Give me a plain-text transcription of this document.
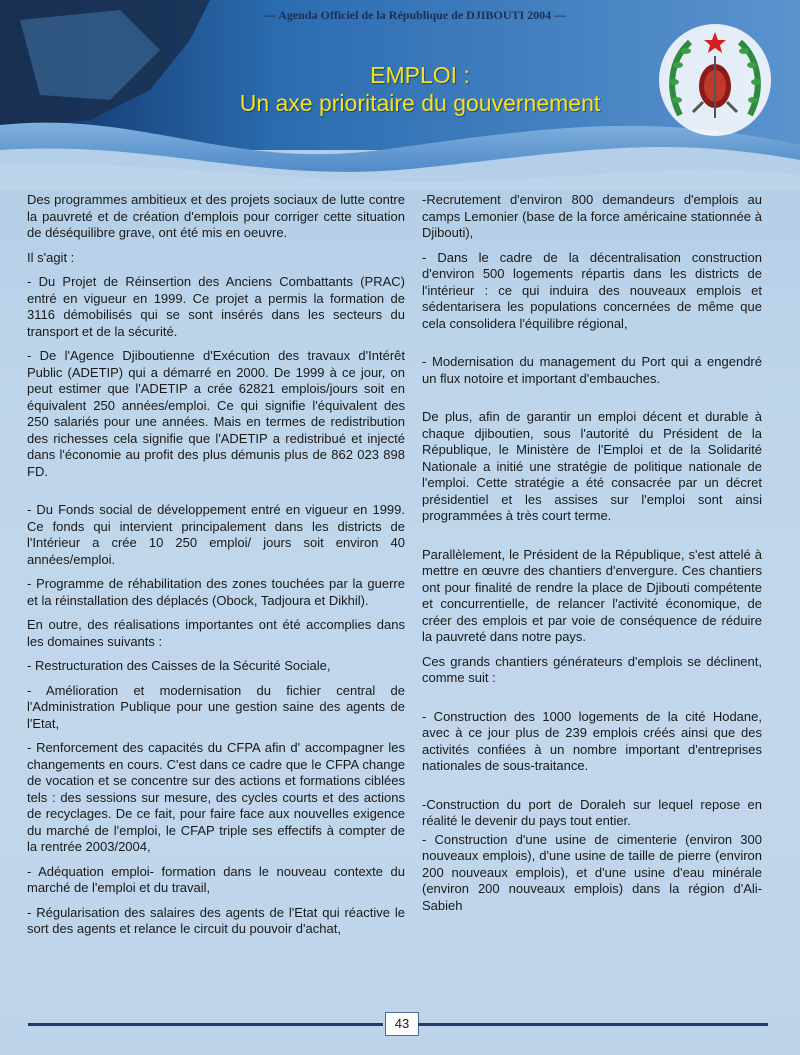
— Agenda Officiel de la République de DJIBOUTI 2004 —
EMPLOI :
Un axe prioritaire du gouvernement

Des programmes ambitieux et des projets sociaux de lutte contre la pauvreté et de création d'emplois pour corriger cette situation de déséquilibre grave, ont été mis en oeuvre.

Il s'agit :

- Du Projet de Réinsertion des Anciens Combattants (PRAC) entré en vigueur en 1999. Ce projet a permis la formation de 3116 démobilisés qui se sont insérés dans les secteurs du transport et de la sécurité.

- De l'Agence Djiboutienne d'Exécution des travaux d'Intérêt Public (ADETIP) qui a démarré en 2000. De 1999 à ce jour, on peut estimer que l'ADETIP a crée 62821 emplois/jours soit en équivalent 250 années/emploi. Ce qui signifie l'équivalent des 250 salariés pour une années. Mais en termes de redistribution des richesses cela signifie que l'ADETIP a redistribué et injecté dans l'économie au profit des plus démunis plus de 862 023 898 FD.

- Du Fonds social de développement entré en vigueur en 1999. Ce fonds qui intervient principalement dans les districts de l'Intérieur a crée 10 250 emploi/ jours soit environ 40 années/emploi.

- Programme de réhabilitation des zones touchées par la guerre et la réinstallation des déplacés (Obock, Tadjoura et Dikhil).

En outre, des réalisations importantes ont été accomplies dans les domaines suivants :

- Restructuration des Caisses de la Sécurité Sociale,

- Amélioration et modernisation du fichier central de l'Administration Publique pour une gestion saine des agents de l'Etat,

- Renforcement des capacités du CFPA afin d' accompagner les changements en cours. C'est dans ce cadre que le CFPA change de vocation et se concentre sur des actions et formations ciblées tels : des sessions sur mesure, des cycles courts et des actions de recyclages. De ce fait, pour faire face aux nouvelles exigence du marché de l'emploi, le CFAP triple ses effectifs à compter de la rentrée 2003/2004,

- Adéquation emploi- formation dans le nouveau contexte du marché de l'emploi et du travail,

- Régularisation des salaires des agents de l'Etat qui réactive le sort des agents et relance le circuit du pouvoir d'achat,

-Recrutement d'environ 800 demandeurs d'emplois au camps Lemonier (base de la force américaine stationnée à Djibouti),

- Dans le cadre de la décentralisation construction d'environ 500 logements répartis dans les districts de l'intérieur : ce qui induira des nouveaux emplois et sédentarisera les populations concernées de même que cela consolidera l'équilibre régional,

- Modernisation du management du Port qui a engendré un flux notoire et important d'embauches.

De plus, afin de garantir un emploi décent et durable à chaque djiboutien, sous l'autorité du Président de la République, le Ministère de l'Emploi et de la Solidarité Nationale a initié une stratégie de politique nationale de l'emploi. Cette stratégie a été consacrée par un décret présidentiel et les assises sur l'emploi sont ainsi programmées à très court terme.

Parallèlement, le Président de la République, s'est attelé à mettre en œuvre des chantiers d'envergure. Ces chantiers ont pour finalité de rendre la place de Djibouti compétente et concurrentielle, de relancer l'activité économique, de créer des emplois et par voie de conséquence de réduire la pauvreté dans notre pays.

Ces grands chantiers générateurs d'emplois se déclinent, comme suit :

- Construction des 1000 logements de la cité Hodane, avec à ce jour plus de 239 emplois créés ainsi que des activités confiées à un nombre important d'entreprises nationales de sous-traitance.

-Construction du port de Doraleh sur lequel repose en réalité le devenir du pays tout entier.

- Construction d'une usine de cimenterie (environ 300 nouveaux emplois), d'une usine de taille de pierre (environ 200 nouveaux emplois), et d'une usine d'eau minérale (environ 200 nouveaux emplois) dans la région d'Ali-Sabieh

43
